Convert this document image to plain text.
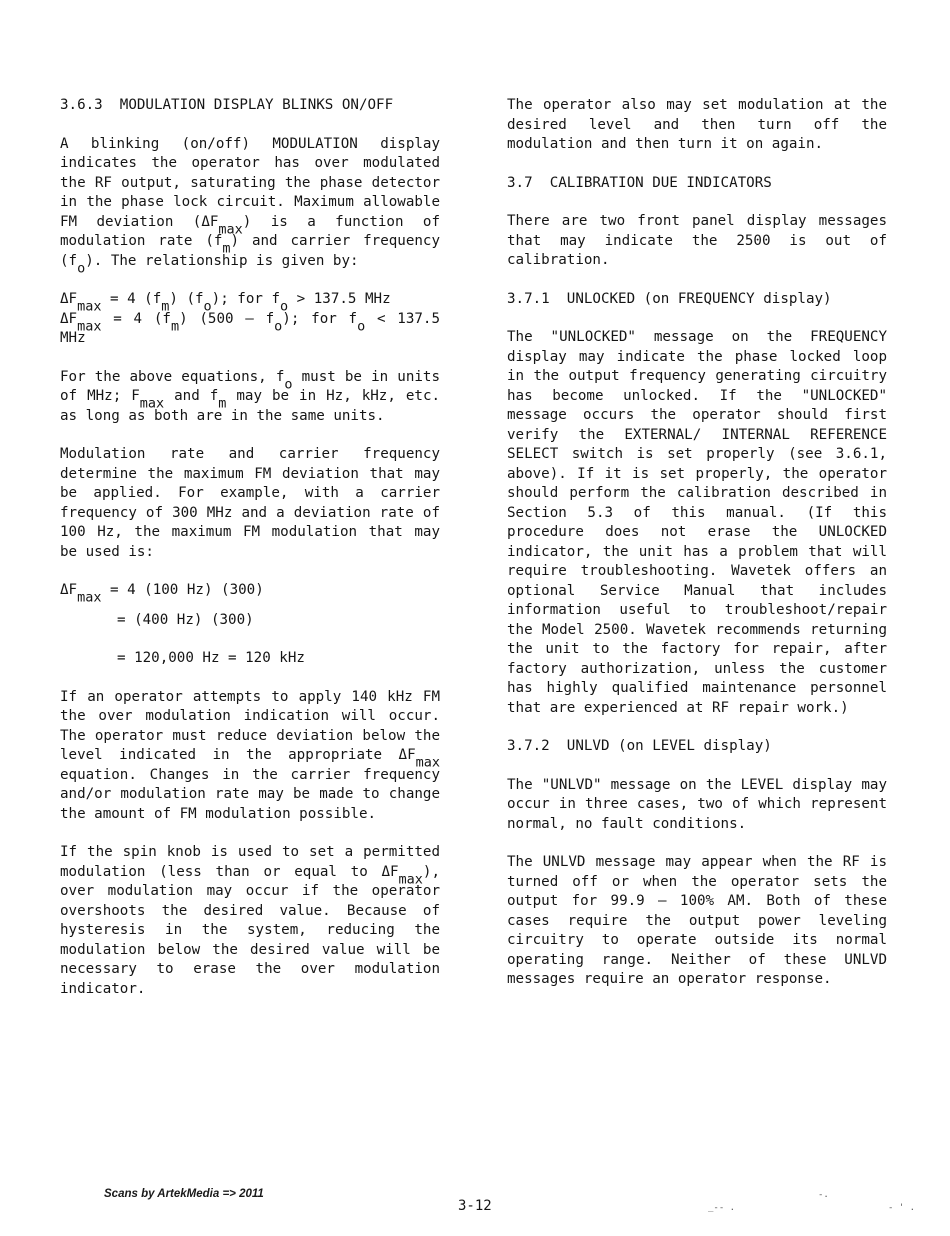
3.6.3  MODULATION DISPLAY BLINKS ON/OFF
A blinking (on/off) MODULATION display indicates the operator has over modulated the RF output, saturating the phase detector in the phase lock circuit. Maximum allowable FM deviation $(\Delta F_{max})$ is a function of modulation rate $(f_m)$ and carrier frequency $(f_o)$. The relationship is given by:
$\Delta F_{max} = 4$ $(f_m)$ $(f_o)$; for $f_o > 137.5$ MHz
$\Delta F_{max} = 4$ $(f_m)$ $(500 - f_o)$; for $f_o < 137.5$ MHz
For the above equations, $f_o$ must be in units of MHz; $F_{max}$ and $f_m$ may be in Hz, kHz, etc. as long as both are in the same units.
Modulation rate and carrier frequency determine the maximum FM deviation that may be applied. For example, with a carrier frequency of 300 MHz and a deviation rate of 100 Hz, the maximum FM modulation that may be used is:
$\Delta F_{max} = 4$ (100 Hz) (300)
= (400 Hz) (300)
= 120,000 Hz = 120 kHz
If an operator attempts to apply 140 kHz FM the over modulation indication will occur. The operator must reduce deviation below the level indicated in the appropriate $\Delta F_{max}$ equation. Changes in the carrier frequency and/or modulation rate may be made to change the amount of FM modulation possible.
If the spin knob is used to set a permitted modulation (less than or equal to $\Delta F_{max}$), over modulation may occur if the operator overshoots the desired value. Because of hysteresis in the system, reducing the modulation below the desired value will be necessary to erase the over modulation indicator.
The operator also may set modulation at the desired level and then turn off the modulation and then turn it on again.
3.7  CALIBRATION DUE INDICATORS
There are two front panel display messages that may indicate the 2500 is out of calibration.
3.7.1  UNLOCKED (on FREQUENCY display)
The "UNLOCKED" message on the FREQUENCY display may indicate the phase locked loop in the output frequency generating circuitry has become unlocked. If the "UNLOCKED" message occurs the operator should first verify the EXTERNAL/ INTERNAL REFERENCE SELECT switch is set properly (see 3.6.1, above). If it is set properly, the operator should perform the calibration described in Section 5.3 of this manual. (If this procedure does not erase the UNLOCKED indicator, the unit has a problem that will require troubleshooting. Wavetek offers an optional Service Manual that includes information useful to troubleshoot/repair the Model 2500. Wavetek recommends returning the unit to the factory for repair, after factory authorization, unless the customer has highly qualified maintenance personnel that are experienced at RF repair work.)
3.7.2  UNLVD (on LEVEL display)
The "UNLVD" message on the LEVEL display may occur in three cases, two of which represent normal, no fault conditions.
The UNLVD message may appear when the RF is turned off or when the operator sets the output for 99.9 – 100% AM. Both of these cases require the output power leveling circuitry to operate outside its normal operating range. Neither of these UNLVD messages require an operator response.
Scans by ArtekMedia => 2011
3-12	_-- .
-.
- ' .
